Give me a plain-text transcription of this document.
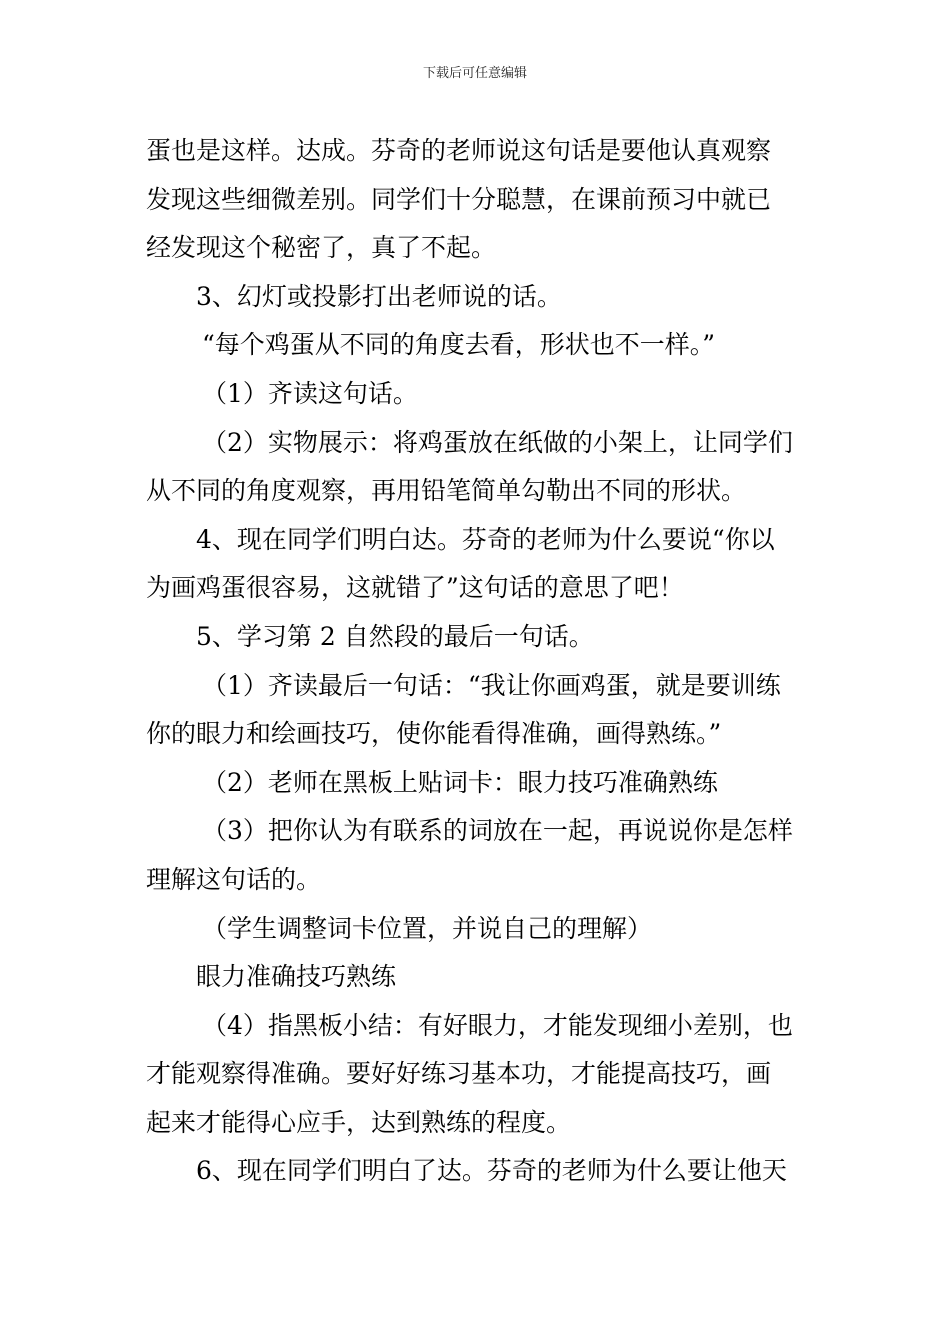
下载后可任意编辑
蛋也是这样。达成。芬奇的老师说这句话是要他认真观察
发现这些细微差别。同学们十分聪慧，在课前预习中就已
经发现这个秘密了，真了不起。
3、幻灯或投影打出老师说的话。
“每个鸡蛋从不同的角度去看，形状也不一样。”
（1）齐读这句话。
（2）实物展示：将鸡蛋放在纸做的小架上，让同学们
从不同的角度观察，再用铅笔简单勾勒出不同的形状。
4、现在同学们明白达。芬奇的老师为什么要说“你以
为画鸡蛋很容易，这就错了”这句话的意思了吧！
5、学习第 2 自然段的最后一句话。
（1）齐读最后一句话：“我让你画鸡蛋，就是要训练
你的眼力和绘画技巧，使你能看得准确，画得熟练。”
（2）老师在黑板上贴词卡：眼力技巧准确熟练
（3）把你认为有联系的词放在一起，再说说你是怎样
理解这句话的。
（学生调整词卡位置，并说自己的理解）
眼力准确技巧熟练
（4）指黑板小结：有好眼力，才能发现细小差别，也
才能观察得准确。要好好练习基本功，才能提高技巧，画
起来才能得心应手，达到熟练的程度。
6、现在同学们明白了达。芬奇的老师为什么要让他天
